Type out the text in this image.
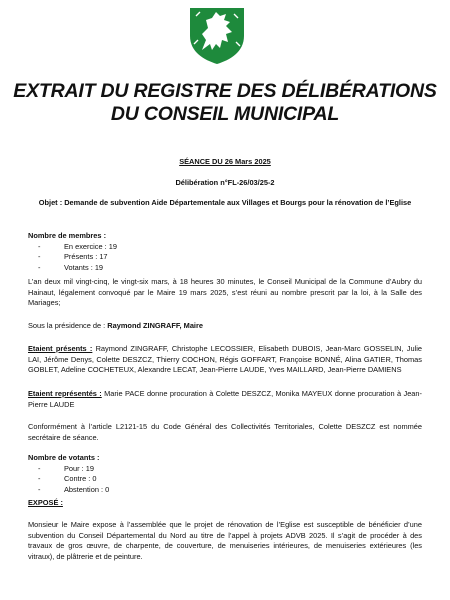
EXTRAIT DU REGISTRE DES DÉLIBÉRATIONS
DU CONSEIL MUNICIPAL
SÉANCE DU 26 Mars 2025
Délibération n°FL-26/03/25-2
Objet : Demande de subvention Aide Départementale aux Villages et Bourgs pour la rénovation de l’Eglise
Nombre de membres :
- En exercice : 19
- Présents : 17
- Votants : 19
L’an deux mil vingt-cinq, le vingt-six mars, à 18 heures 30 minutes, le Conseil Municipal de la Commune d’Aubry du Hainaut, légalement convoqué par le Maire 19 mars 2025, s’est réuni au nombre prescrit par la loi, à la Salle des Mariages;
Sous la présidence de : Raymond ZINGRAFF, Maire
Etaient présents : Raymond ZINGRAFF, Christophe LECOSSIER, Elisabeth DUBOIS, Jean-Marc GOSSELIN, Julie LAI, Jérôme Denys, Colette DESZCZ, Thierry COCHON, Régis GOFFART, Françoise BONNÉ, Alina GATIER, Thomas GOBLET, Adeline COCHETEUX, Alexandre LECAT, Jean-Pierre LAUDE, Yves MAILLARD, Jean-Pierre DAMIENS
Etaient représentés : Marie PACE donne procuration à Colette DESZCZ, Monika MAYEUX donne procuration à Jean-Pierre LAUDE
Conformément à l’article L2121-15 du Code Général des Collectivités Territoriales, Colette DESZCZ est nommée secrétaire de séance.
Nombre de votants :
- Pour : 19
- Contre : 0
- Abstention : 0
EXPOSÉ :
Monsieur le Maire expose à l’assemblée que le projet de rénovation de l’Eglise est susceptible de bénéficier d’une subvention du Conseil Départemental du Nord au titre de l’appel à projets ADVB 2025. Il s’agit de procéder à des travaux de gros œuvre, de charpente, de couverture, de menuiseries intérieures, de menuiseries extérieures (les vitraux), de plâtrerie et de peinture.
